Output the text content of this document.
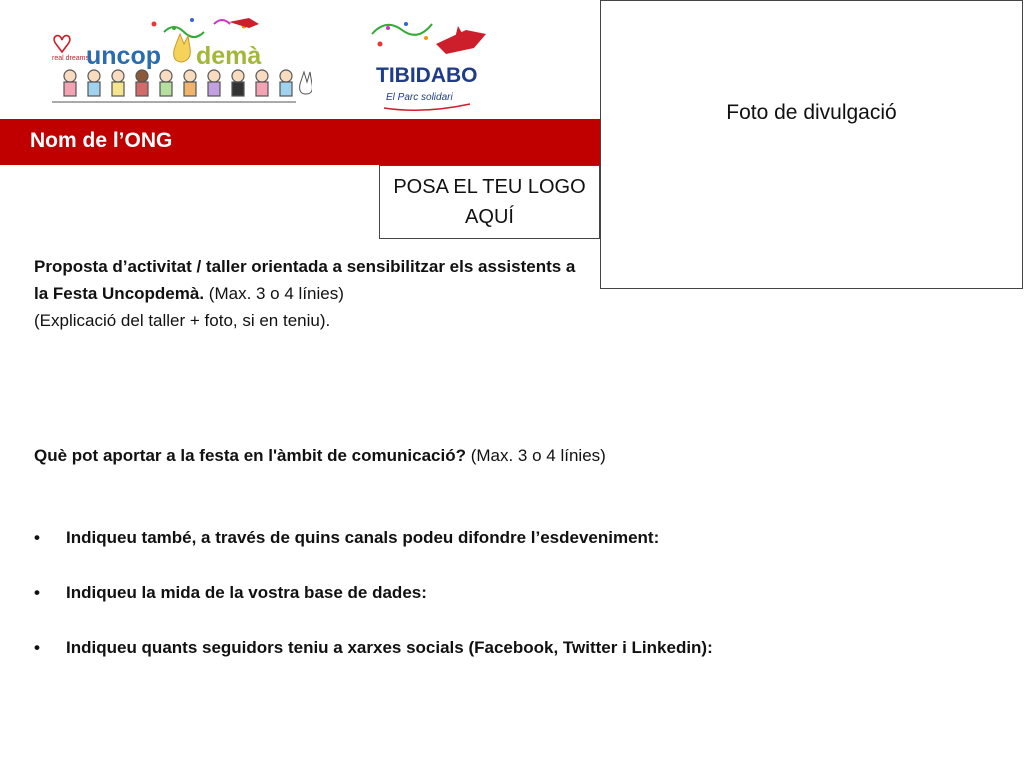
real dreams
uncop demà
TIBIDABO
El Parc solidari
Nom de l’ONG
Foto de divulgació
POSA EL TEU LOGO AQUÍ
Proposta d’activitat / taller orientada a sensibilitzar els assistents a la Festa Uncopdemà. (Max. 3 o 4 línies)
(Explicació del taller + foto, si en teniu).
Què pot aportar a la festa en l'àmbit de comunicació? (Max. 3 o 4 línies)
• Indiqueu també, a través de quins canals podeu difondre l’esdeveniment:
• Indiqueu la mida de la vostra base de dades:
• Indiqueu quants seguidors teniu a xarxes socials (Facebook, Twitter i Linkedin):
